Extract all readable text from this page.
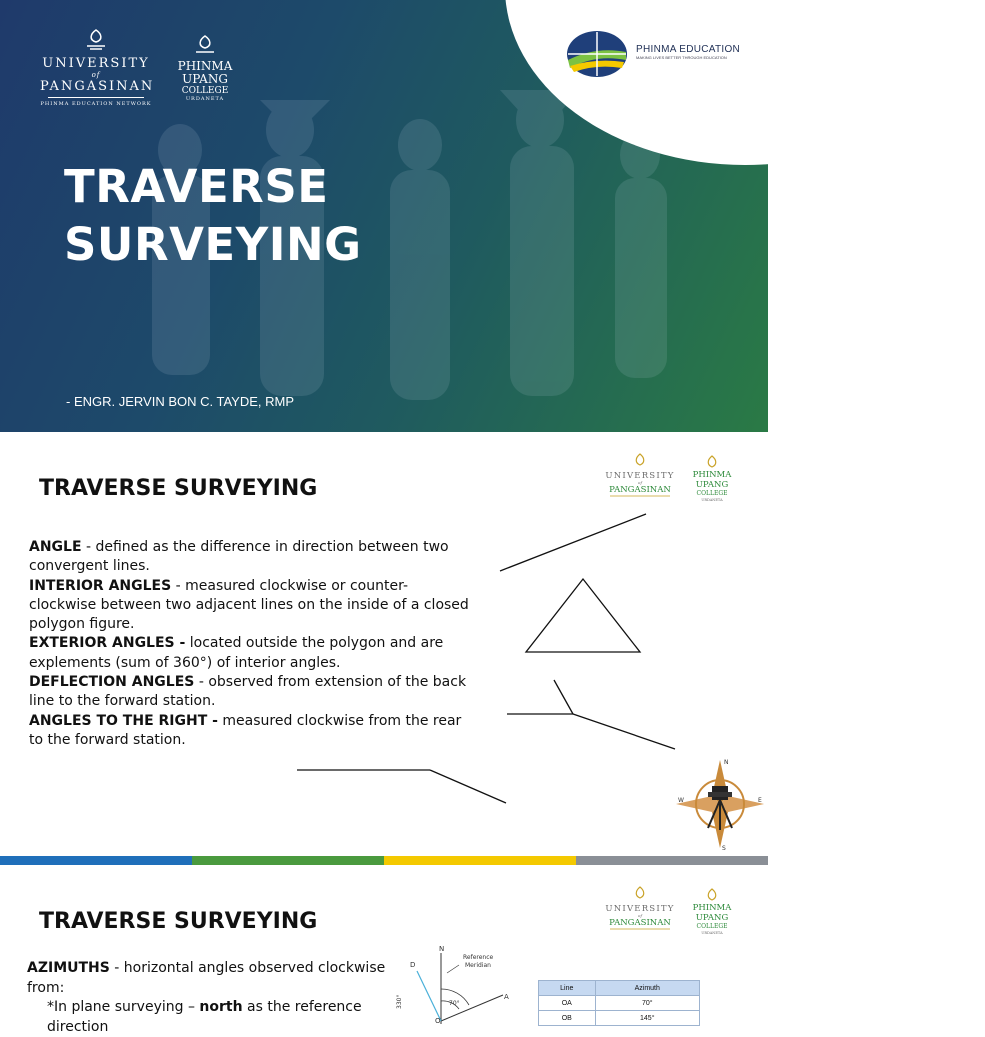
UNIVERSITY
of
PANGASINAN
PHINMA EDUCATION NETWORK
PHINMA
UPANG
COLLEGE
URDANETA
PHINMA EDUCATION
MAKING LIVES BETTER THROUGH EDUCATION
TRAVERSE
SURVEYING
- ENGR. JERVIN BON C. TAYDE, RMP
TRAVERSE SURVEYING	UNIVERSITY
of
PANGASINAN
PHINMA
UPANG
COLLEGE
URDANETA
ANGLE - defined as the difference in direction between two convergent lines.
INTERIOR ANGLES - measured clockwise or counter-clockwise between two adjacent lines on the inside of a closed polygon figure.
EXTERIOR ANGLES - located outside the polygon and are explements (sum of 360°) of interior angles.
DEFLECTION ANGLES - observed from extension of the back line to the forward station.
ANGLES TO THE RIGHT - measured clockwise from the rear to the forward station.
N
S
W	E
TRAVERSE SURVEYING	UNIVERSITY
of
PANGASINAN
PHINMA
UPANG
COLLEGE
URDANETA
AZIMUTHS - horizontal angles observed clockwise from:
*In plane surveying – north as the reference direction
N
D
A
O
Reference
Meridian
330°	70°
Line	Azimuth
OA	70°
OB	145°
